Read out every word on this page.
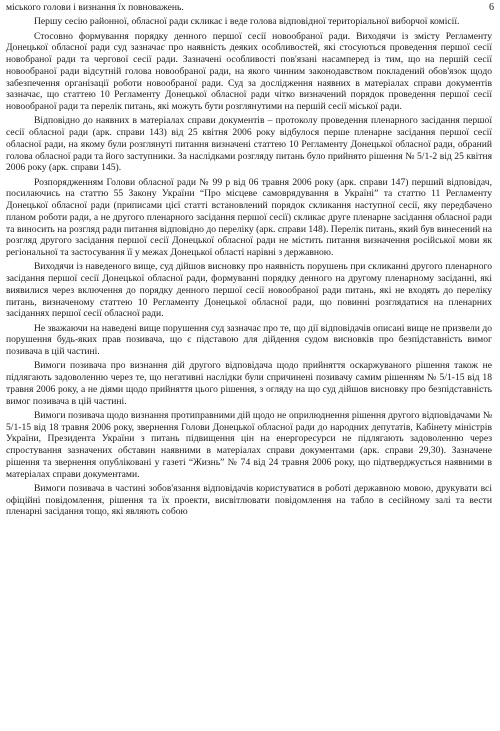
6

міського голови і визнання їх повноважень.

Першу сесію районної, обласної ради скликає і веде голова відповідної територіальної виборчої комісії.

Стосовно формування порядку денного першої сесії новообраної ради. Виходячи із змісту Регламенту Донецької обласної ради суд зазначає про наявність деяких особливостей, які стосуються проведення першої сесії новобраної ради та чергової сесії ради. Зазначені особливості пов'язані насамперед із тим, що на першій сесії новообраної ради відсутній голова новообраної ради, на якого чинним законодавством покладений обов'язок щодо забезпечення організації роботи новообраної ради. Суд за дослідження наявних в матеріалах справи документів зазначає, що статтею 10 Регламенту Донецької обласної ради чітко визначений порядок проведення першої сесії новообраної ради та перелік питань, які можуть бути розглянутими на першій сесії міської ради.

Відповідно до наявних в матеріалах справи документів – протоколу проведення пленарного засідання першої сесії обласної ради (арк. справи 143) від 25 квітня 2006 року відбулося перше пленарне засідання першої сесії обласної ради, на якому були розглянуті питання визначені статтею 10 Регламенту Донецької обласної ради, обраний голова обласної ради та його заступники. За наслідками розгляду питань було прийнято рішення № 5/1-2 від 25 квітня 2006 року (арк. справи 145).

Розпорядженням Голови обласної ради № 99 р від 06 травня 2006 року (арк. справи 147) перший відповідач, посилаючись на статтю 55 Закону України “Про місцеве самоврядування в Україні” та статтю 11 Регламенту Донецької обласної ради (приписами цієї статті встановлений порядок скликання наступної сесії, яку передбачено планом роботи ради, а не другого пленарного засідання першої сесії) скликає друге пленарне засідання обласної ради та виносить на розгляд ради питання відповідно до переліку (арк. справи 148). Перелік питань, який був винесений на розгляд другого засідання першої сесії Донецької обласної ради не містить питання визначення російської мови як регіональної та застосування її у межах Донецької області нарівні з державною.

Виходячи із наведеного вище, суд дійшов висновку про наявність порушень при скликанні другого пленарного засідання першої сесії Донецької обласної ради, формуванні порядку денного на другому пленарному засіданні, які виявилися через включення до порядку денного першої сесії новообраної ради питань, які не входять до переліку питань, визначеному статтею 10 Регламенту Донецької обласної ради, що повинні розглядатися на пленарних засіданнях першої сесії обласної ради.

Не зважаючи на наведені вище порушення суд зазначає про те, що дії відповідачів описані вище не призвели до порушення будь-яких прав позивача, що є підставою для дійдення судом висновків про безпідставність вимог позивача в цій частині.

Вимоги позивача про визнання дій другого відповідача щодо прийняття оскаржуваного рішення також не підлягають задоволенню через те, що негативні наслідки були спричинені позивачу самим рішенням № 5/1-15 від 18 травня 2006 року, а не діями щодо прийняття цього рішення, з огляду на що суд дійшов висновку про безпідставність вимог позивача в цій частині.

Вимоги позивача щодо визнання протиправними дій щодо не оприлюднення рішення другого відповідачами № 5/1-15 від 18 травня 2006 року, звернення Голови Донецької обласної ради до народних депутатів, Кабінету міністрів України, Президента України з питань підвищення цін на енергоресурси не підлягають задоволенню через спростування зазначених обставин наявними в матеріалах справи документами (арк. справи 29,30). Зазначене рішення та звернення опубліковані у газеті “Жизнь” № 74 від 24 травня 2006 року, що підтверджується наявними в матеріалах справи документами.

Вимоги позивача в частині зобов'язання відповідачів користуватися в роботі державною мовою, друкувати всі офіційні повідомлення, рішення та їх проекти, висвітлювати повідомлення на табло в сесійному залі та вести пленарні засідання тощо, які являють собою
